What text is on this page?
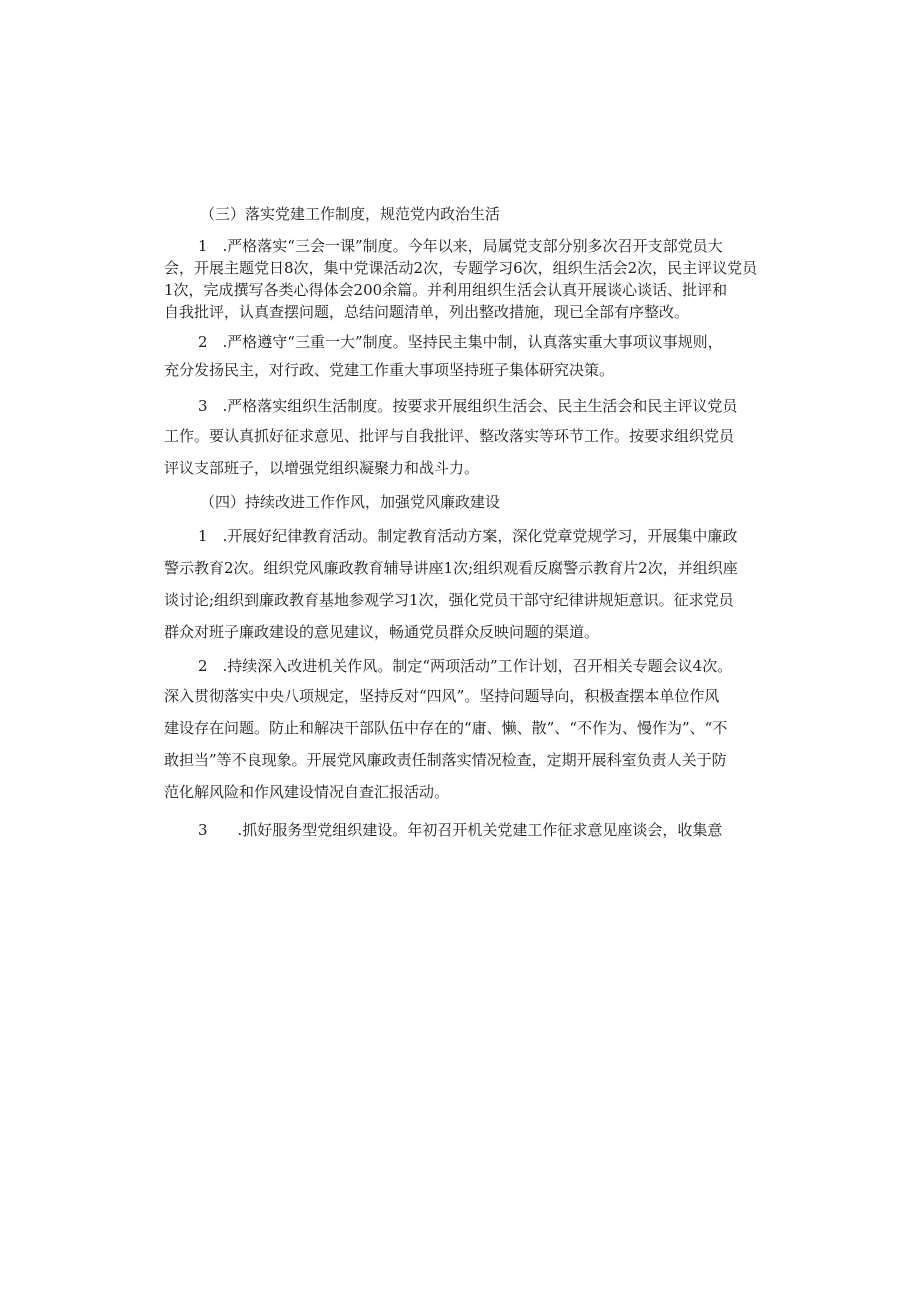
（三）落实党建工作制度，规范党内政治生活
1　.严格落实“三会一课”制度。今年以来，局属党支部分别多次召开支部党员大
会，开展主题党日8次，集中党课活动2次，专题学习6次，组织生活会2次，民主评议党员
1次，完成撰写各类心得体会200余篇。并利用组织生活会认真开展谈心谈话、批评和
自我批评，认真查摆问题，总结问题清单，列出整改措施，现已全部有序整改。
2　.严格遵守“三重一大”制度。坚持民主集中制，认真落实重大事项议事规则，
充分发扬民主，对行政、党建工作重大事项坚持班子集体研究决策。
3　.严格落实组织生活制度。按要求开展组织生活会、民主生活会和民主评议党员
工作。要认真抓好征求意见、批评与自我批评、整改落实等环节工作。按要求组织党员
评议支部班子，以增强党组织凝聚力和战斗力。
（四）持续改进工作作风，加强党风廉政建设
1　.开展好纪律教育活动。制定教育活动方案，深化党章党规学习，开展集中廉政
警示教育2次。组织党风廉政教育辅导讲座1次;组织观看反腐警示教育片2次，并组织座
谈讨论;组织到廉政教育基地参观学习1次，强化党员干部守纪律讲规矩意识。征求党员
群众对班子廉政建设的意见建议，畅通党员群众反映问题的渠道。
2　.持续深入改进机关作风。制定“两项活动”工作计划，召开相关专题会议4次。
深入贯彻落实中央八项规定，坚持反对“四风”。坚持问题导向，积极查摆本单位作风
建设存在问题。防止和解决干部队伍中存在的“庸、懒、散”、“不作为、慢作为”、“不
敢担当”等不良现象。开展党风廉政责任制落实情况检查，定期开展科室负责人关于防
范化解风险和作风建设情况自查汇报活动。
3　　.抓好服务型党组织建设。年初召开机关党建工作征求意见座谈会，收集意
